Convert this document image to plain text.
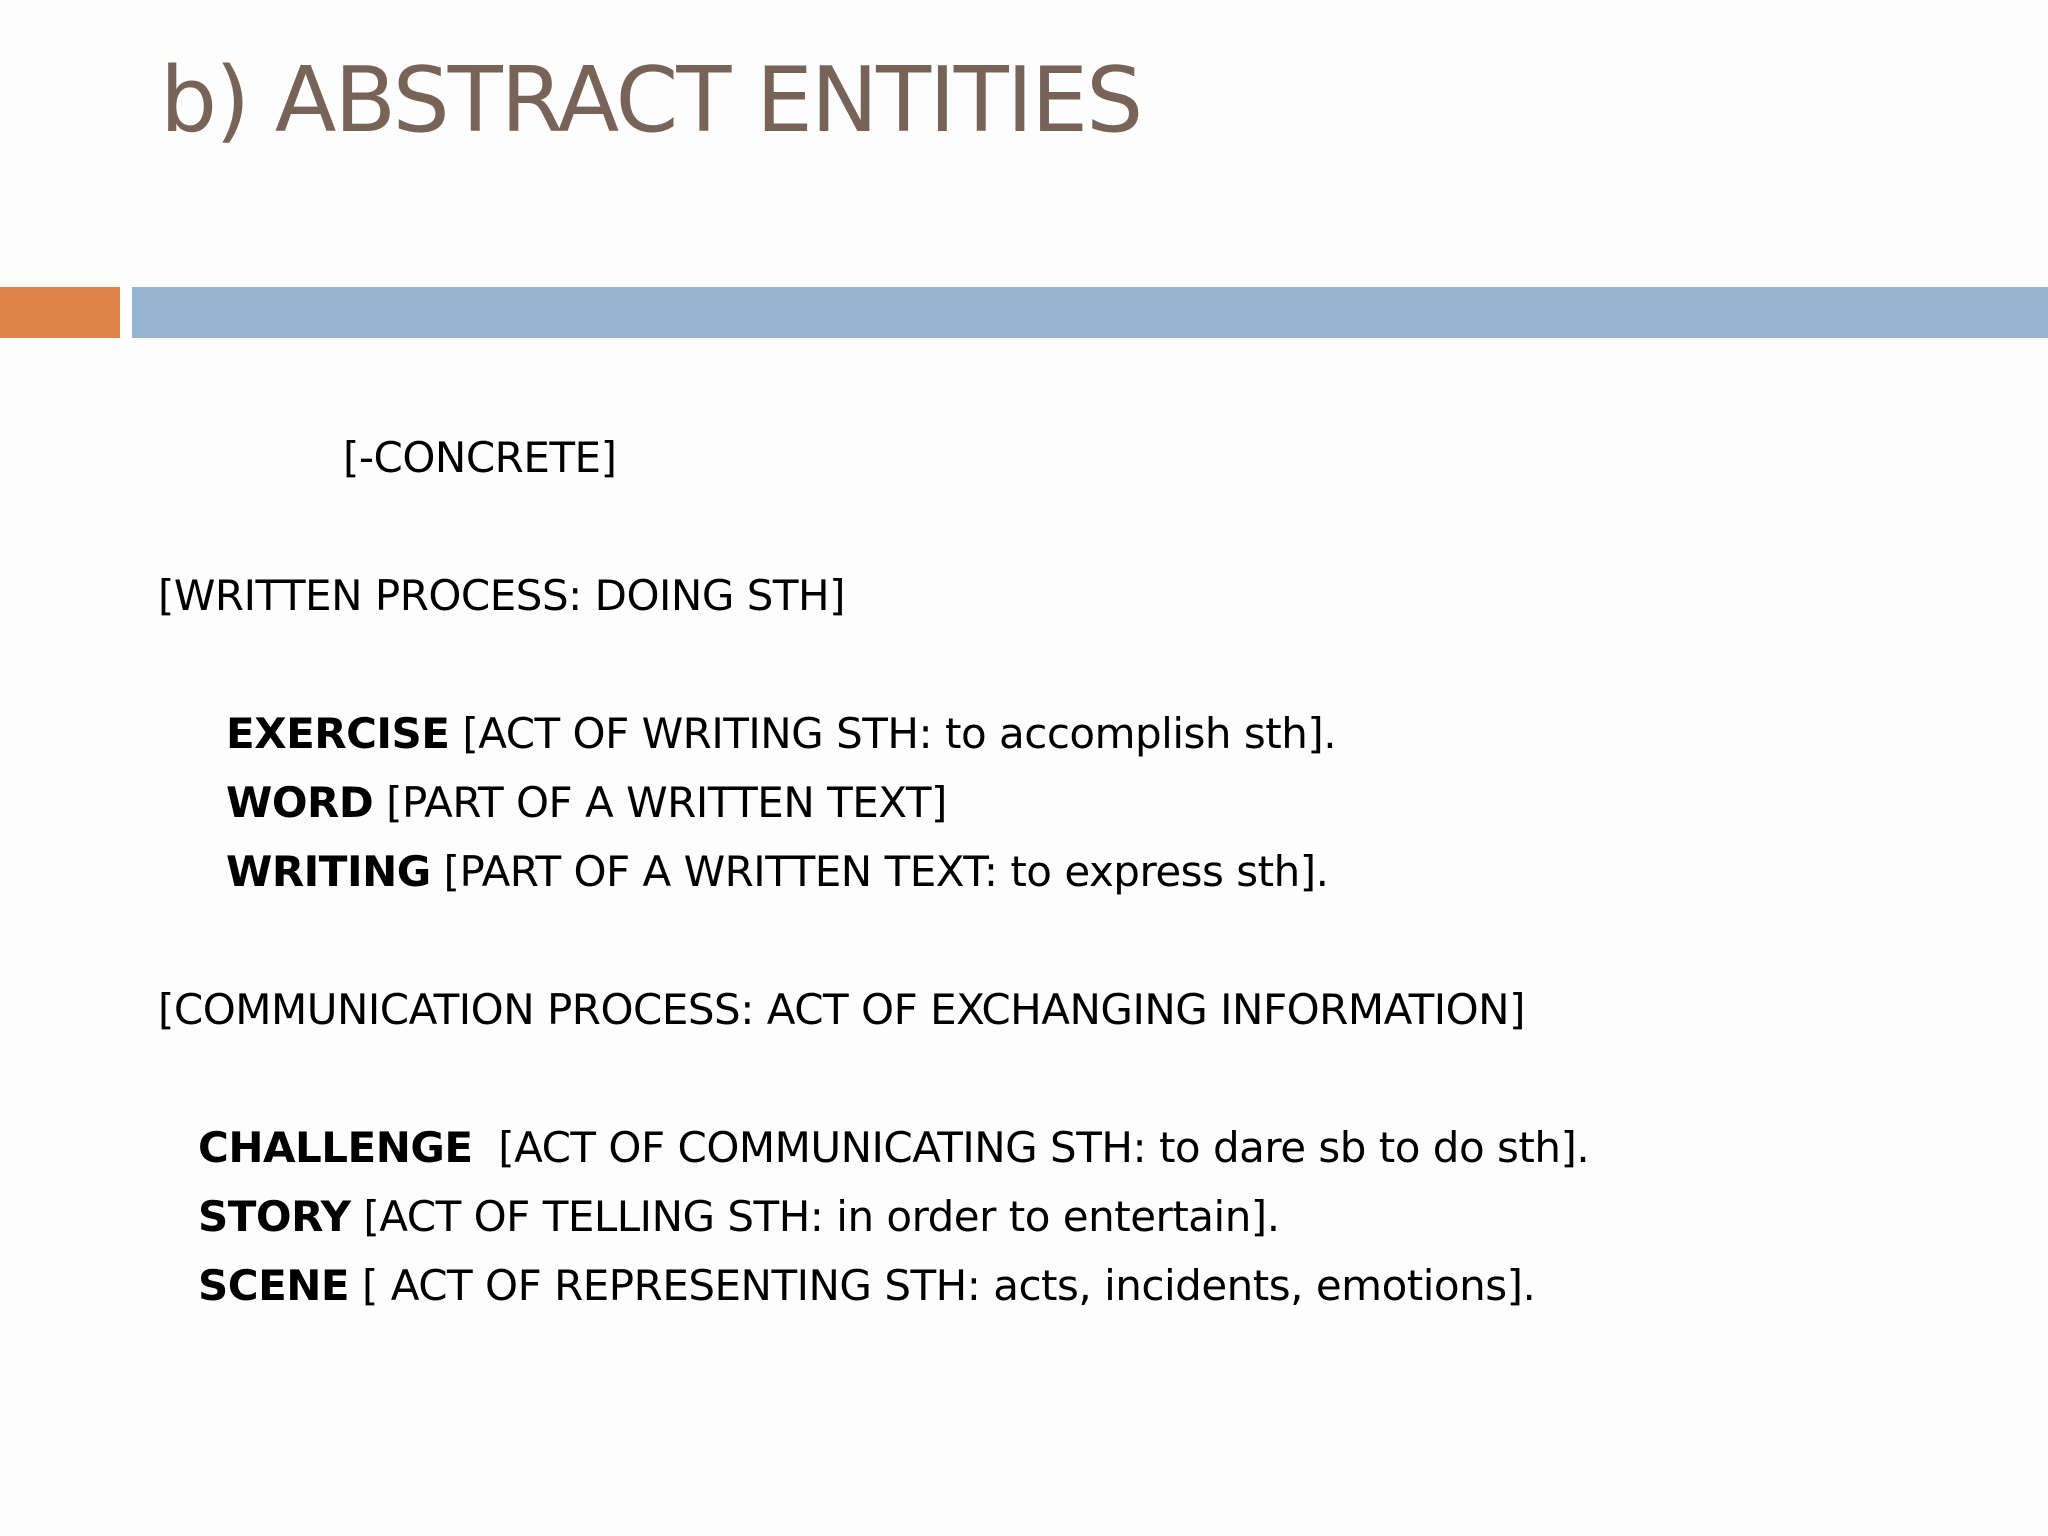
b) ABSTRACT ENTITIES

[-CONCRETE]

[WRITTEN PROCESS: DOING STH]

EXERCISE [ACT OF WRITING STH: to accomplish sth].

WORD [PART OF A WRITTEN TEXT]

WRITING [PART OF A WRITTEN TEXT: to express sth].

[COMMUNICATION PROCESS: ACT OF EXCHANGING INFORMATION]

CHALLENGE  [ACT OF COMMUNICATING STH: to dare sb to do sth].

STORY [ACT OF TELLING STH: in order to entertain].

SCENE [ ACT OF REPRESENTING STH: acts, incidents, emotions].
